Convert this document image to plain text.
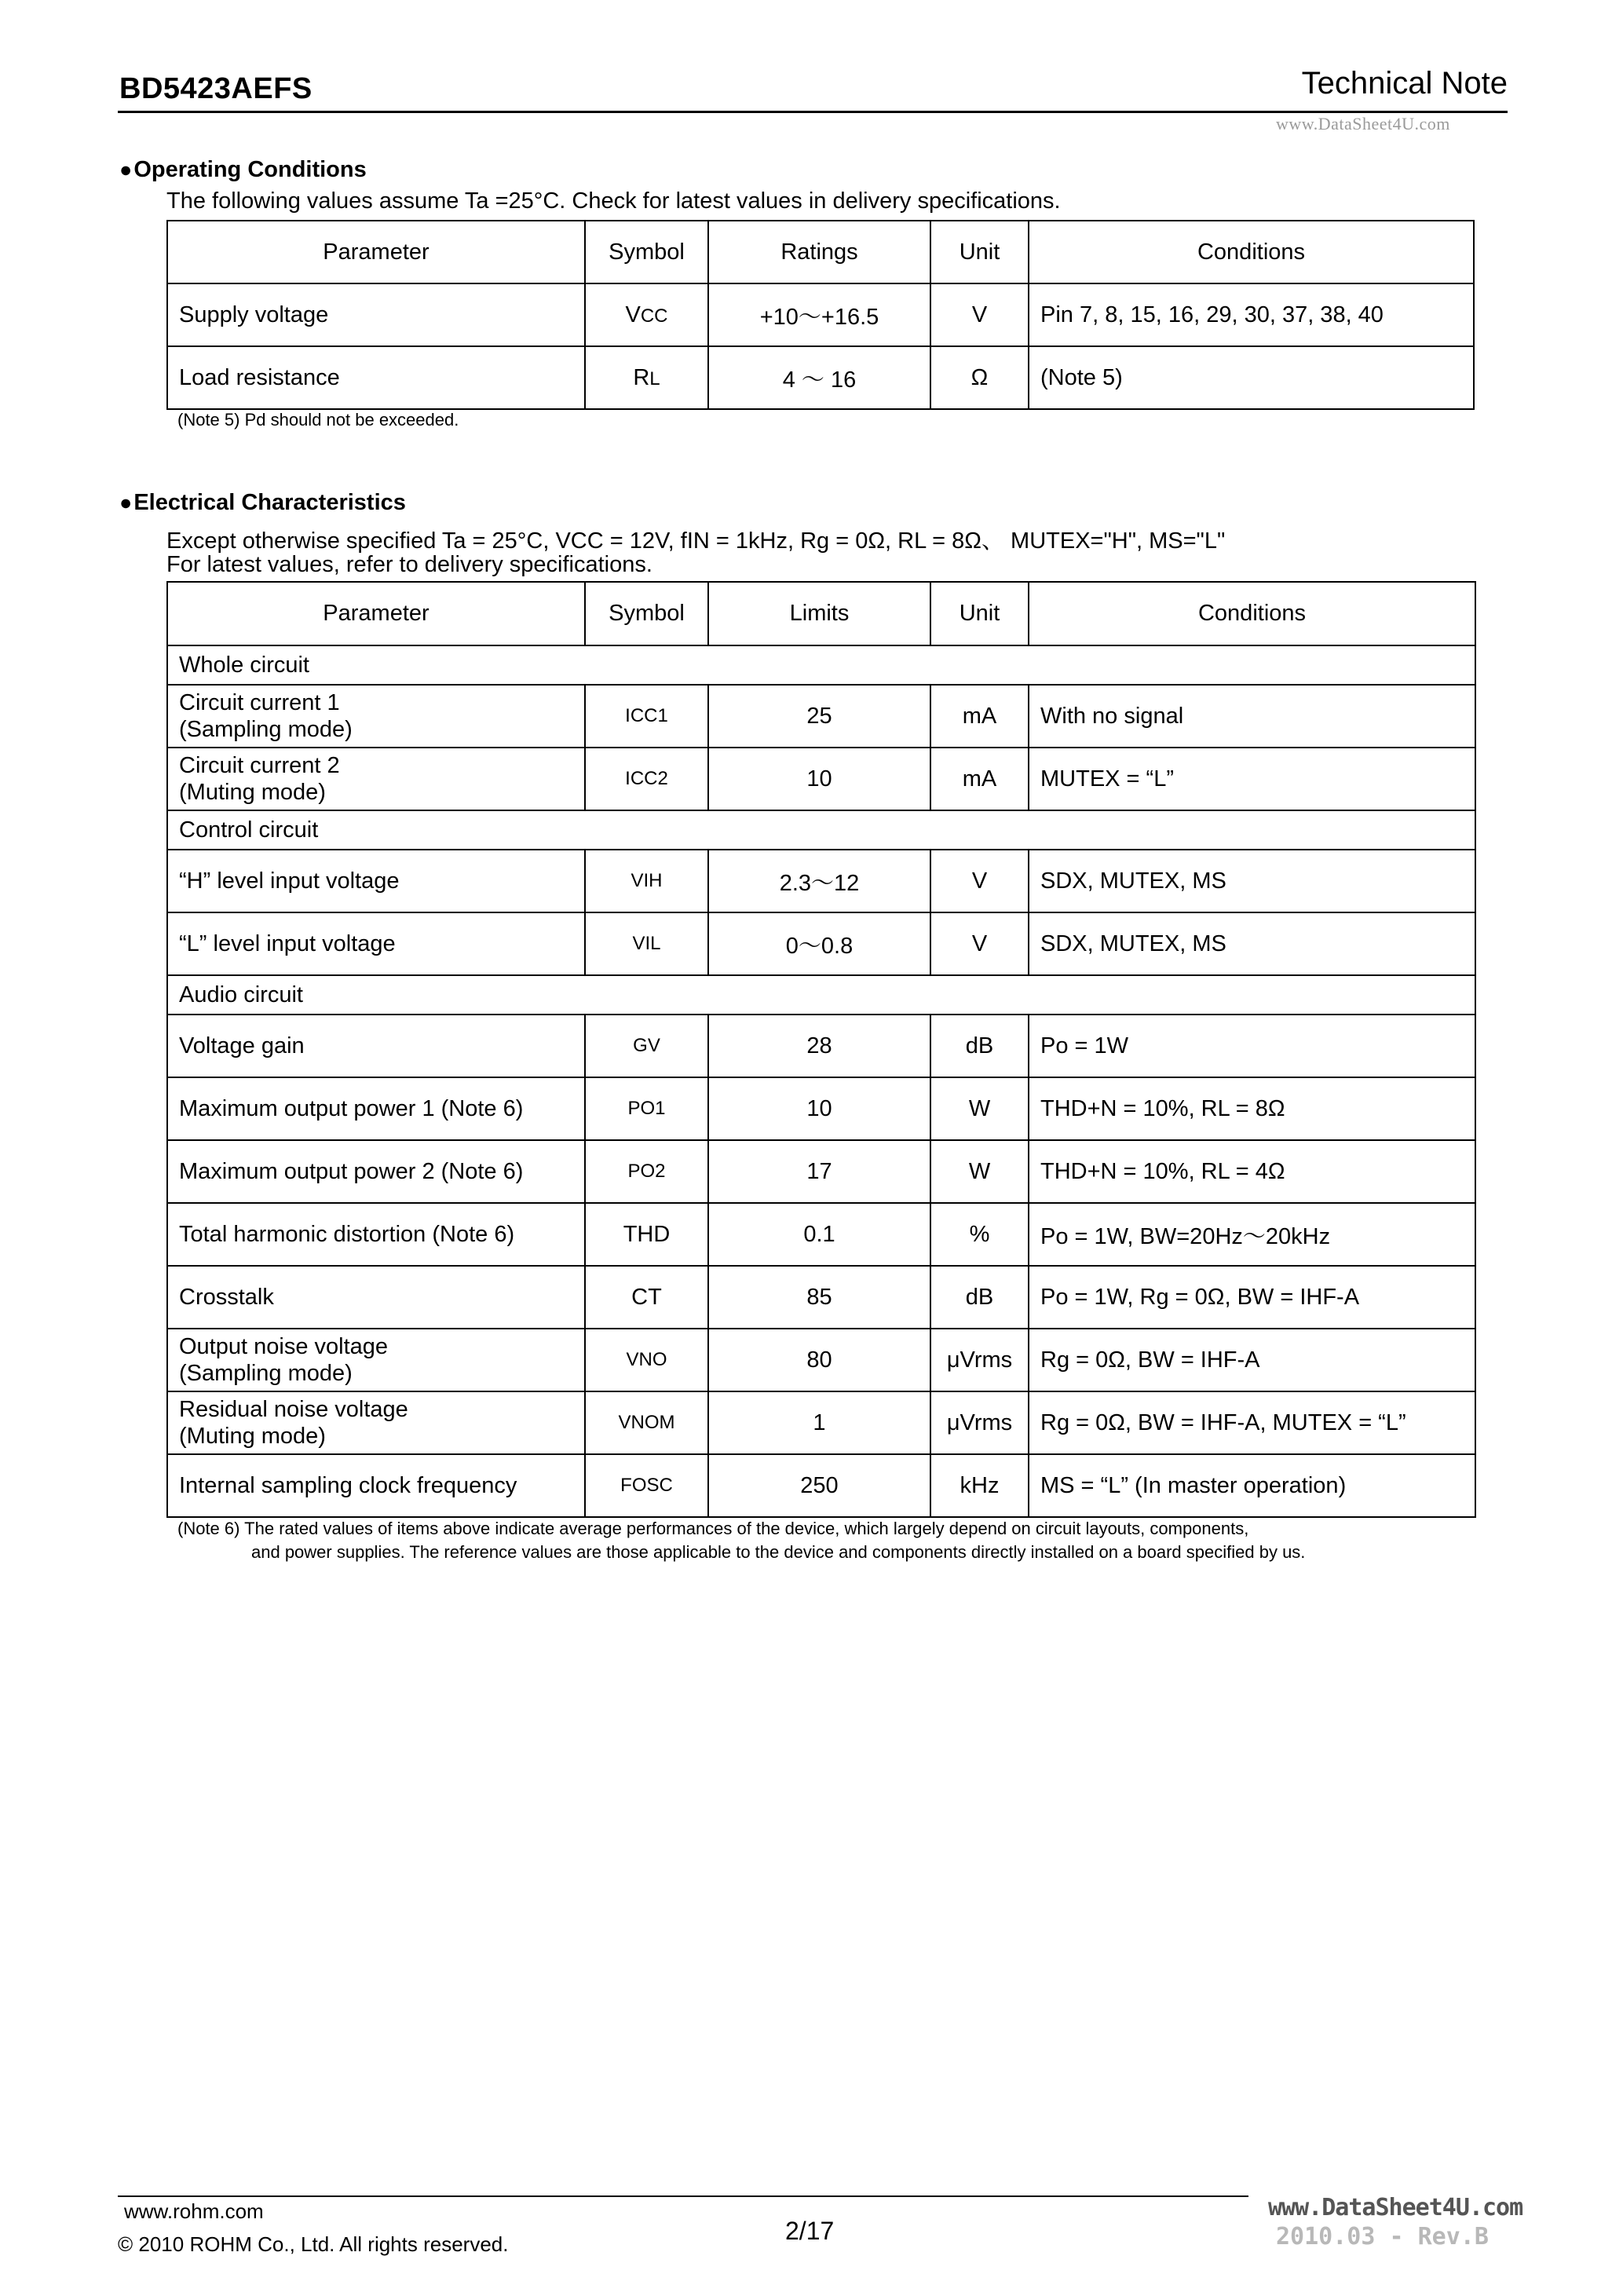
BD5423AEFS	Technical Note
www.DataSheet4U.com
●Operating Conditions
The following values assume Ta =25°C. Check for latest values in delivery specifications.
Parameter	Symbol	Ratings	Unit	Conditions
Supply voltage	VCC	+10～+16.5	V	Pin 7, 8, 15, 16, 29, 30, 37, 38, 40
Load resistance	RL	4 ～ 16	Ω	(Note 5)
(Note 5) Pd should not be exceeded.
●Electrical Characteristics
Except otherwise specified Ta = 25°C, VCC = 12V, fIN = 1kHz, Rg = 0Ω, RL = 8Ω、 MUTEX="H", MS="L"
For latest values, refer to delivery specifications.
Parameter	Symbol	Limits	Unit	Conditions
Whole circuit				

Circuit current 1
(Sampling mode)	ICC1	25	mA	With no signal

Circuit current 2
(Muting mode)	ICC2	10	mA	MUTEX = “L”
Control circuit				
“H” level input voltage	VIH	2.3～12	V	SDX, MUTEX, MS
“L” level input voltage	VIL	0～0.8	V	SDX, MUTEX, MS
Audio circuit				
Voltage gain	GV	28	dB	Po = 1W
Maximum output power 1 (Note 6)	PO1	10	W	THD+N = 10%, RL = 8Ω
Maximum output power 2 (Note 6)	PO2	17	W	THD+N = 10%, RL = 4Ω
Total harmonic distortion (Note 6)	THD	0.1	%	Po = 1W, BW=20Hz～20kHz
Crosstalk	CT	85	dB	Po = 1W, Rg = 0Ω, BW = IHF-A

Output noise voltage
(Sampling mode)	VNO	80	μVrms	Rg = 0Ω, BW = IHF-A

Residual noise voltage
(Muting mode)	VNOM	1	μVrms	Rg = 0Ω, BW = IHF-A, MUTEX = “L”
Internal sampling clock frequency	FOSC	250	kHz	MS = “L” (In master operation)
(Note 6) The rated values of items above indicate average performances of the device, which largely depend on circuit layouts, components,
and power supplies. The reference values are those applicable to the device and components directly installed on a board specified by us.
www.rohm.com
© 2010 ROHM Co., Ltd. All rights reserved.	2/17	2010.03 - Rev.B
www.DataSheet4U.com
